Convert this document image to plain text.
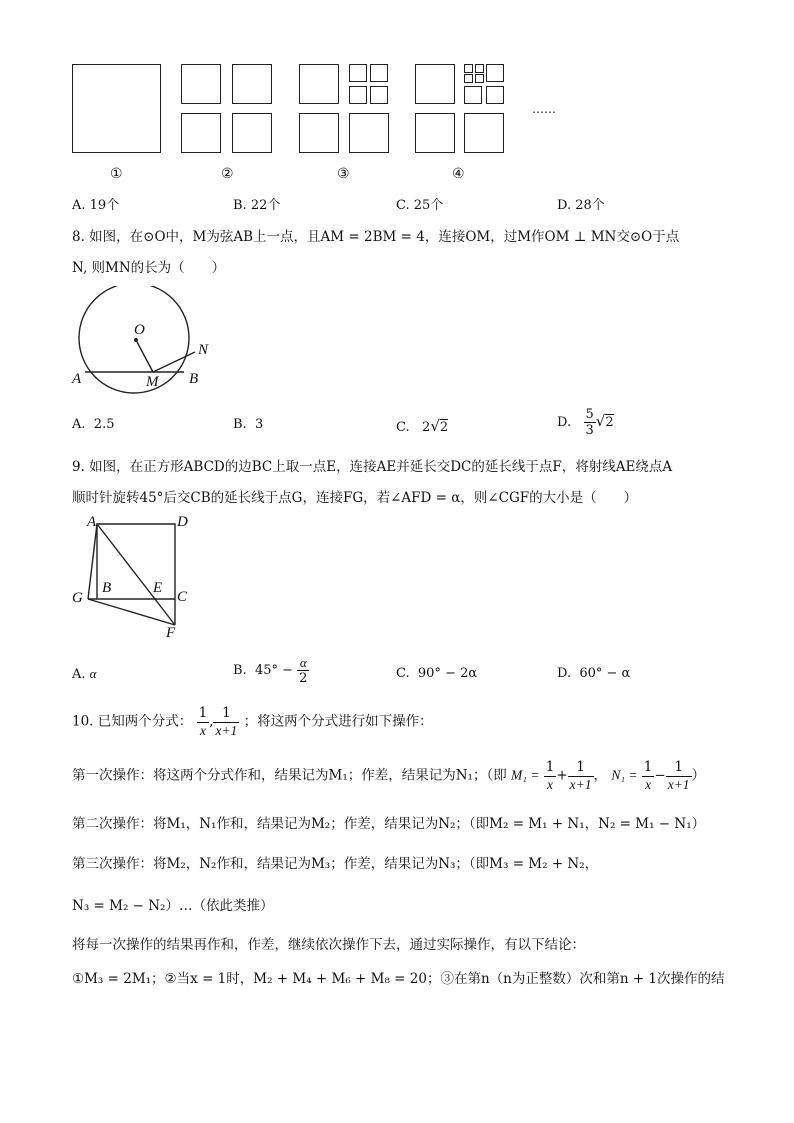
……
①	②	③	④
A. 19个	B. 22个	C. 25个	D. 28个
8. 如图，在⊙O中，M为弦AB上一点，且AM = 2BM = 4，连接OM，过M作OM ⊥ MN交⊙O于点
N, 则MN的长为（　　）
O
N
A	M B
A. 2.5	B. 3	C. 2√2	D. $\frac{5}{3} √2$
9. 如图，在正方形ABCD的边BC上取一点E，连接AE并延长交DC的延长线于点F，将射线AE绕点A
顺时针旋转45°后交CB的延长线于点G，连接FG，若∠AFD = α，则∠CGF的大小是（　　）
A	D
B	E
C
G
F
A. α	B. $45^\circ - \frac{\alpha}{2}$	C. 90° − 2α	D. 60° − α
10. 已知两个分式： $\frac{1}{x}$ , $\frac{1}{x+1}$ ；将这两个分式进行如下操作：
第一次操作：将这两个分式作和，结果记为M₁；作差，结果记为N₁；（即 $M_1 = \frac{1}{x} + \frac{1}{x+1}$ ， $N_1 = \frac{1}{x} - \frac{1}{x+1}$ ）
第二次操作：将M₁，N₁作和，结果记为M₂；作差，结果记为N₂；（即M₂ = M₁ + N₁，N₂ = M₁ − N₁）
第三次操作：将M₂，N₂作和，结果记为M₃；作差，结果记为N₃；（即M₃ = M₂ + N₂，
N₃ = M₂ − N₂）…（依此类推）
将每一次操作的结果再作和，作差，继续依次操作下去，通过实际操作，有以下结论：
①M₃ = 2M₁；②当x = 1时，M₂ + M₄ + M₆ + M₈ = 20；③在第n（n为正整数）次和第n + 1次操作的结
